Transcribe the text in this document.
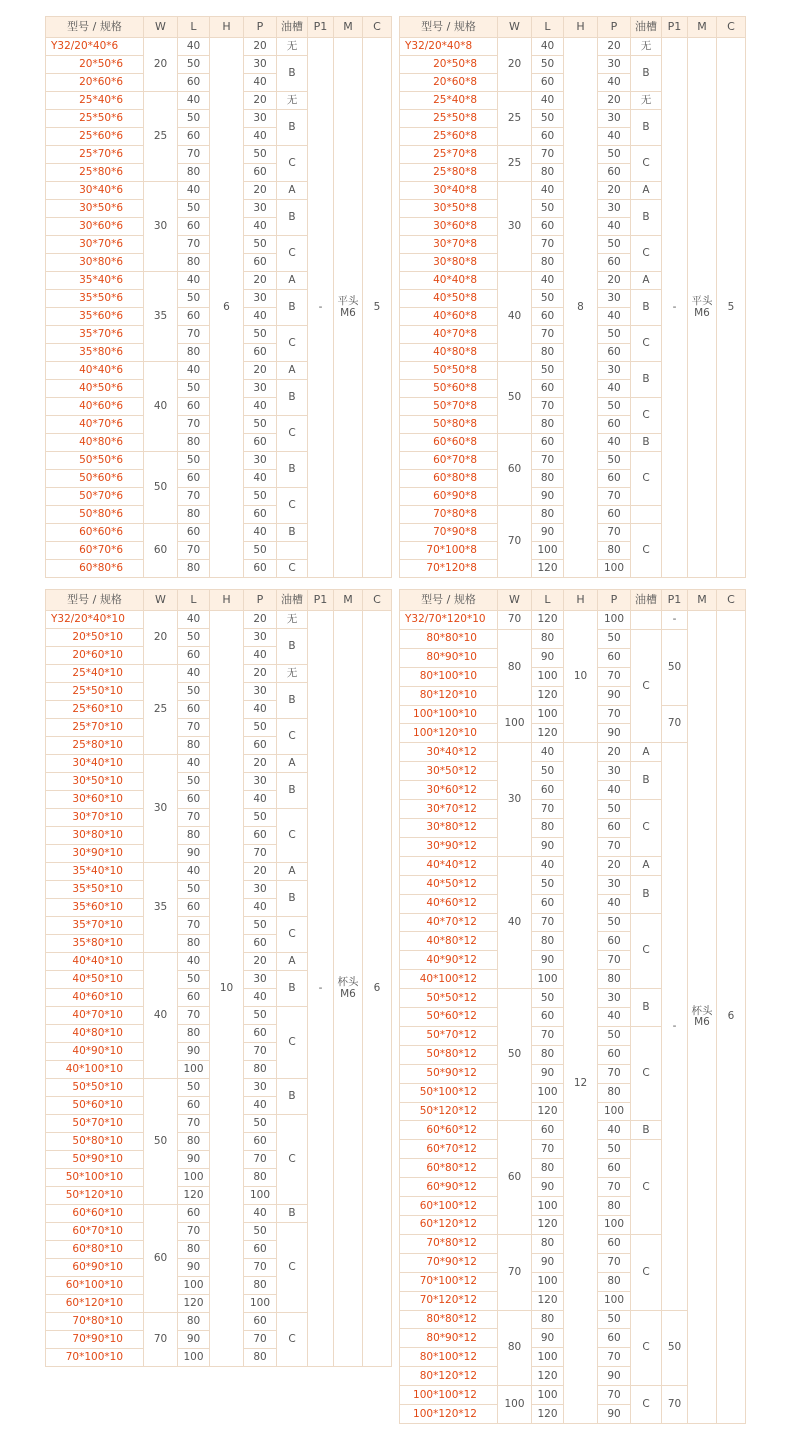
型号 / 规格	W	L	H	P	油槽	P1	M	C
Y32/20*40*6	20	40	6	20	无	-	平头 M6	5
20*50*6		50		30	B			
20*60*6		60		40				
25*40*6	25	40		20	无			
25*50*6		50		30	B			
25*60*6		60		40				
25*70*6		70		50	C			
25*80*6		80		60				
30*40*6	30	40		20	A			
30*50*6		50		30	B			
30*60*6		60		40				
30*70*6		70		50	C			
30*80*6		80		60				
35*40*6	35	40		20	A			
35*50*6		50		30	B			
35*60*6		60		40				
35*70*6		70		50	C			
35*80*6		80		60				
40*40*6	40	40		20	A			
40*50*6		50		30	B			
40*60*6		60		40				
40*70*6		70		50	C			
40*80*6		80		60				
50*50*6	50	50		30	B			
50*60*6		60		40				
50*70*6		70		50	C			
50*80*6		80		60				
60*60*6	60	60		40	B			
60*70*6		70		50				
60*80*6		80		60	C			
型号 / 规格	W	L	H	P	油槽	P1	M	C
Y32/20*40*8	20	40	8	20	无	-	平头 M6	5
20*50*8		50		30	B			
20*60*8		60		40				
25*40*8	25	40		20	无			
25*50*8		50		30	B			
25*60*8		60		40				
25*70*8	25	70		50	C			
25*80*8		80		60				
30*40*8	30	40		20	A			
30*50*8		50		30	B			
30*60*8		60		40				
30*70*8		70		50	C			
30*80*8		80		60				
40*40*8	40	40		20	A			
40*50*8		50		30	B			
40*60*8		60		40				
40*70*8		70		50	C			
40*80*8		80		60				
50*50*8	50	50		30	B			
50*60*8		60		40				
50*70*8		70		50	C			
50*80*8		80		60				
60*60*8	60	60		40	B			
60*70*8		70		50	C			
60*80*8		80		60				
60*90*8		90		70				
70*80*8	70	80		60				
70*90*8		90		70	C			
70*100*8		100		80				
70*120*8		120		100				
型号 / 规格	W	L	H	P	油槽	P1	M	C
Y32/20*40*10	20	40	10	20	无	-	杯头 M6	6
20*50*10		50		30	B			
20*60*10		60		40				
25*40*10	25	40		20	无			
25*50*10		50		30	B			
25*60*10		60		40				
25*70*10		70		50	C			
25*80*10		80		60				
30*40*10	30	40		20	A			
30*50*10		50		30	B			
30*60*10		60		40				
30*70*10		70		50	C			
30*80*10		80		60				
30*90*10		90		70				
35*40*10	35	40		20	A			
35*50*10		50		30	B			
35*60*10		60		40				
35*70*10		70		50	C			
35*80*10		80		60				
40*40*10	40	40		20	A			
40*50*10		50		30	B			
40*60*10		60		40				
40*70*10		70		50	C			
40*80*10		80		60				
40*90*10		90		70				
40*100*10		100		80				
50*50*10	50	50		30	B			
50*60*10		60		40				
50*70*10		70		50	C			
50*80*10		80		60				
50*90*10		90		70				
50*100*10		100		80				
50*120*10		120		100				
60*60*10	60	60		40	B			
60*70*10		70		50	C			
60*80*10		80		60				
60*90*10		90		70				
60*100*10		100		80				
60*120*10		120		100				
70*80*10	70	80		60	C			
70*90*10		90		70				
70*100*10		100		80				
型号 / 规格	W	L	H	P	油槽	P1	M	C
Y32/70*120*10	70	120	10	100		-	杯头 M6	6
80*80*10	80	80		50	C	50		
80*90*10		90		60				
80*100*10		100		70				
80*120*10		120		90				
100*100*10	100	100		70		70		
100*120*10		120		90				
30*40*12	30	40	12	20	A	-		
30*50*12		50		30	B			
30*60*12		60		40				
30*70*12		70		50	C			
30*80*12		80		60				
30*90*12		90		70				
40*40*12	40	40		20	A			
40*50*12		50		30	B			
40*60*12		60		40				
40*70*12		70		50	C			
40*80*12		80		60				
40*90*12		90		70				
40*100*12		100		80				
50*50*12	50	50		30	B			
50*60*12		60		40				
50*70*12		70		50	C			
50*80*12		80		60				
50*90*12		90		70				
50*100*12		100		80				
50*120*12		120		100				
60*60*12	60	60		40	B			
60*70*12		70		50	C			
60*80*12		80		60				
60*90*12		90		70				
60*100*12		100		80				
60*120*12		120		100				
70*80*12	70	80		60	C			
70*90*12		90		70				
70*100*12		100		80				
70*120*12		120		100				
80*80*12	80	80		50	C	50		
80*90*12		90		60				
80*100*12		100		70				
80*120*12		120		90				
100*100*12	100	100		70	C	70		
100*120*12		120		90				
